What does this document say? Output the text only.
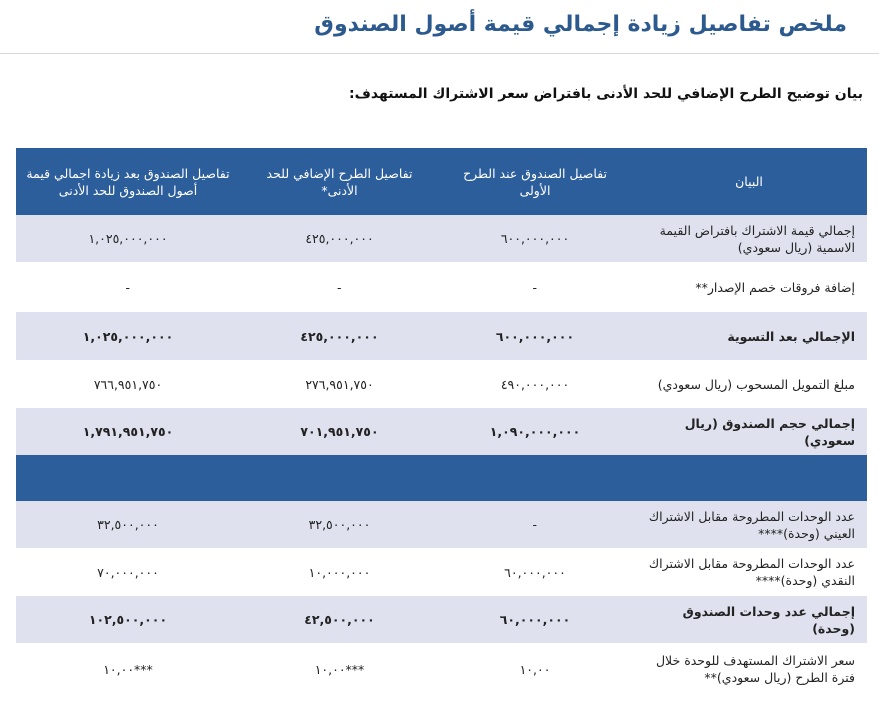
ملخص تفاصيل زيادة إجمالي قيمة أصول الصندوق
بيان توضيح الطرح الإضافي للحد الأدنى بافتراض سعر الاشتراك المستهدف:
البيان	تفاصيل الصندوق عند الطرح الأولى	تفاصيل الطرح الإضافي للحد الأدنى*	تفاصيل الصندوق بعد زيادة اجمالي قيمة أصول الصندوق للحد الأدنى
إجمالي قيمة الاشتراك بافتراض القيمة الاسمية (ريال سعودي)	٦٠٠,٠٠٠,٠٠٠	٤٢٥,٠٠٠,٠٠٠	١,٠٢٥,٠٠٠,٠٠٠
إضافة فروقات خصم الإصدار**	-	-	-
الإجمالي بعد التسوية	٦٠٠,٠٠٠,٠٠٠	٤٢٥,٠٠٠,٠٠٠	١,٠٢٥,٠٠٠,٠٠٠
مبلغ التمويل المسحوب (ريال سعودي)	٤٩٠,٠٠٠,٠٠٠	٢٧٦,٩٥١,٧٥٠	٧٦٦,٩٥١,٧٥٠
إجمالي حجم الصندوق (ريال سعودي)	١,٠٩٠,٠٠٠,٠٠٠	٧٠١,٩٥١,٧٥٠	١,٧٩١,٩٥١,٧٥٠

عدد الوحدات المطروحة مقابل الاشتراك العيني (وحدة)****	-	٣٢,٥٠٠,٠٠٠	٣٢,٥٠٠,٠٠٠
عدد الوحدات المطروحة مقابل الاشتراك النقدي (وحدة)****	٦٠,٠٠٠,٠٠٠	١٠,٠٠٠,٠٠٠	٧٠,٠٠٠,٠٠٠
إجمالي عدد وحدات الصندوق (وحدة)	٦٠,٠٠٠,٠٠٠	٤٢,٥٠٠,٠٠٠	١٠٢,٥٠٠,٠٠٠
سعر الاشتراك المستهدف للوحدة خلال فترة الطرح (ريال سعودي)**	١٠,٠٠	١٠,٠٠***	١٠,٠٠***
